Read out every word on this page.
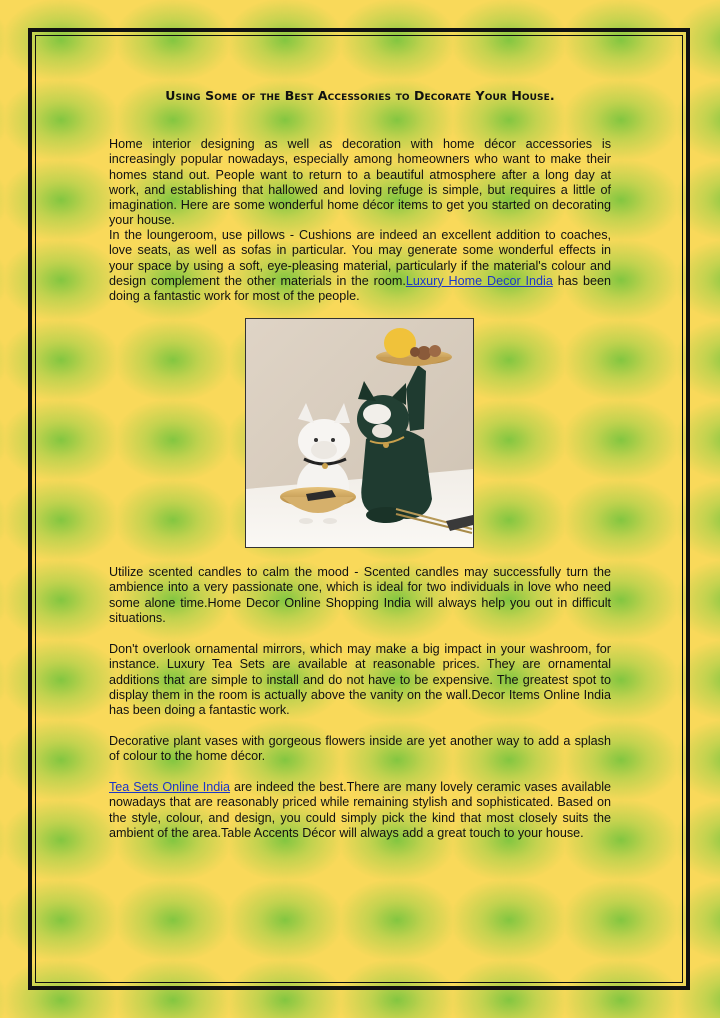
Using Some of the Best Accessories to Decorate Your House.

Home interior designing as well as decoration with home décor accessories is increasingly popular nowadays, especially among homeowners who want to make their homes stand out. People want to return to a beautiful atmosphere after a long day at work, and establishing that hallowed and loving refuge is simple, but requires a little of imagination. Here are some wonderful home décor items to get you started on decorating your house.

In the loungeroom, use pillows - Cushions are indeed an excellent addition to coaches, love seats, as well as sofas in particular. You may generate some wonderful effects in your space by using a soft, eye-pleasing material, particularly if the material's colour and design complement the other materials in the room.Luxury Home Decor India has been doing a fantastic work for most of the people.

Utilize scented candles to calm the mood - Scented candles may successfully turn the ambience into a very passionate one, which is ideal for two individuals in love who need some alone time.Home Decor Online Shopping India will always help you out in difficult situations.

Don't overlook ornamental mirrors, which may make a big impact in your washroom, for instance. Luxury Tea Sets are available at reasonable prices. They are ornamental additions that are simple to install and do not have to be expensive. The greatest spot to display them in the room is actually above the vanity on the wall.Decor Items Online India has been doing a fantastic work.

Decorative plant vases with gorgeous flowers inside are yet another way to add a splash of colour to the home décor.

Tea Sets Online India are indeed the best.There are many lovely ceramic vases available nowadays that are reasonably priced while remaining stylish and sophisticated. Based on the style, colour, and design, you could simply pick the kind that most closely suits the ambient of the area.Table Accents Décor will always add a great touch to your house.
